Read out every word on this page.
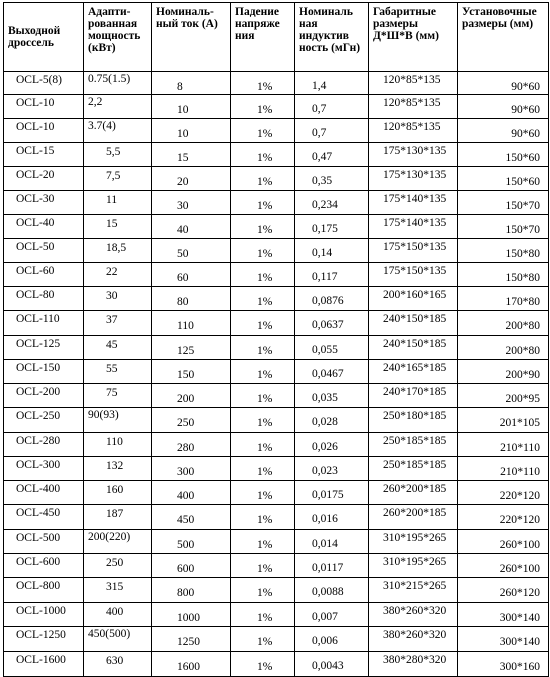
Выходной дроссель	Адапти-рованная мощность (кВт)	Номиналь-ный ток (А)	Падение напряже ния	Номиналь ная индуктив ность (мГн)	Габаритные размеры Д*Ш*В (мм)	Установочные размеры (мм)

OCL-5(8)	0.75(1.5)	8	1%	1,4	120*85*135	90*60

OCL-10	2,2	10	1%	0,7	120*85*135	90*60

OCL-10	3.7(4)	10	1%	0,7	120*85*135	90*60

OCL-15	5,5	15	1%	0,47	175*130*135	150*60

OCL-20	7,5	20	1%	0,35	175*130*135	150*60

OCL-30	11	30	1%	0,234	175*140*135	150*70

OCL-40	15	40	1%	0,175	175*140*135	150*70

OCL-50	18,5	50	1%	0,14	175*150*135	150*80

OCL-60	22	60	1%	0,117	175*150*135	150*80

OCL-80	30	80	1%	0,0876	200*160*165	170*80

OCL-110	37	110	1%	0,0637	240*150*185	200*80

OCL-125	45	125	1%	0,055	240*150*185	200*80

OCL-150	55	150	1%	0,0467	240*165*185	200*90

OCL-200	75	200	1%	0,035	240*170*185	200*95

OCL-250	90(93)	250	1%	0,028	250*180*185	201*105

OCL-280	110	280	1%	0,026	250*185*185	210*110

OCL-300	132	300	1%	0,023	250*185*185	210*110

OCL-400	160	400	1%	0,0175	260*200*185	220*120

OCL-450	187	450	1%	0,016	260*200*185	220*120

OCL-500	200(220)	500	1%	0,014	310*195*265	260*100

OCL-600	250	600	1%	0,0117	310*195*265	260*100

OCL-800	315	800	1%	0,0088	310*215*265	260*120

OCL-1000	400	1000	1%	0,007	380*260*320	300*140

OCL-1250	450(500)	1250	1%	0,006	380*260*320	300*140

OCL-1600	630	1600	1%	0,0043	380*280*320	300*160
